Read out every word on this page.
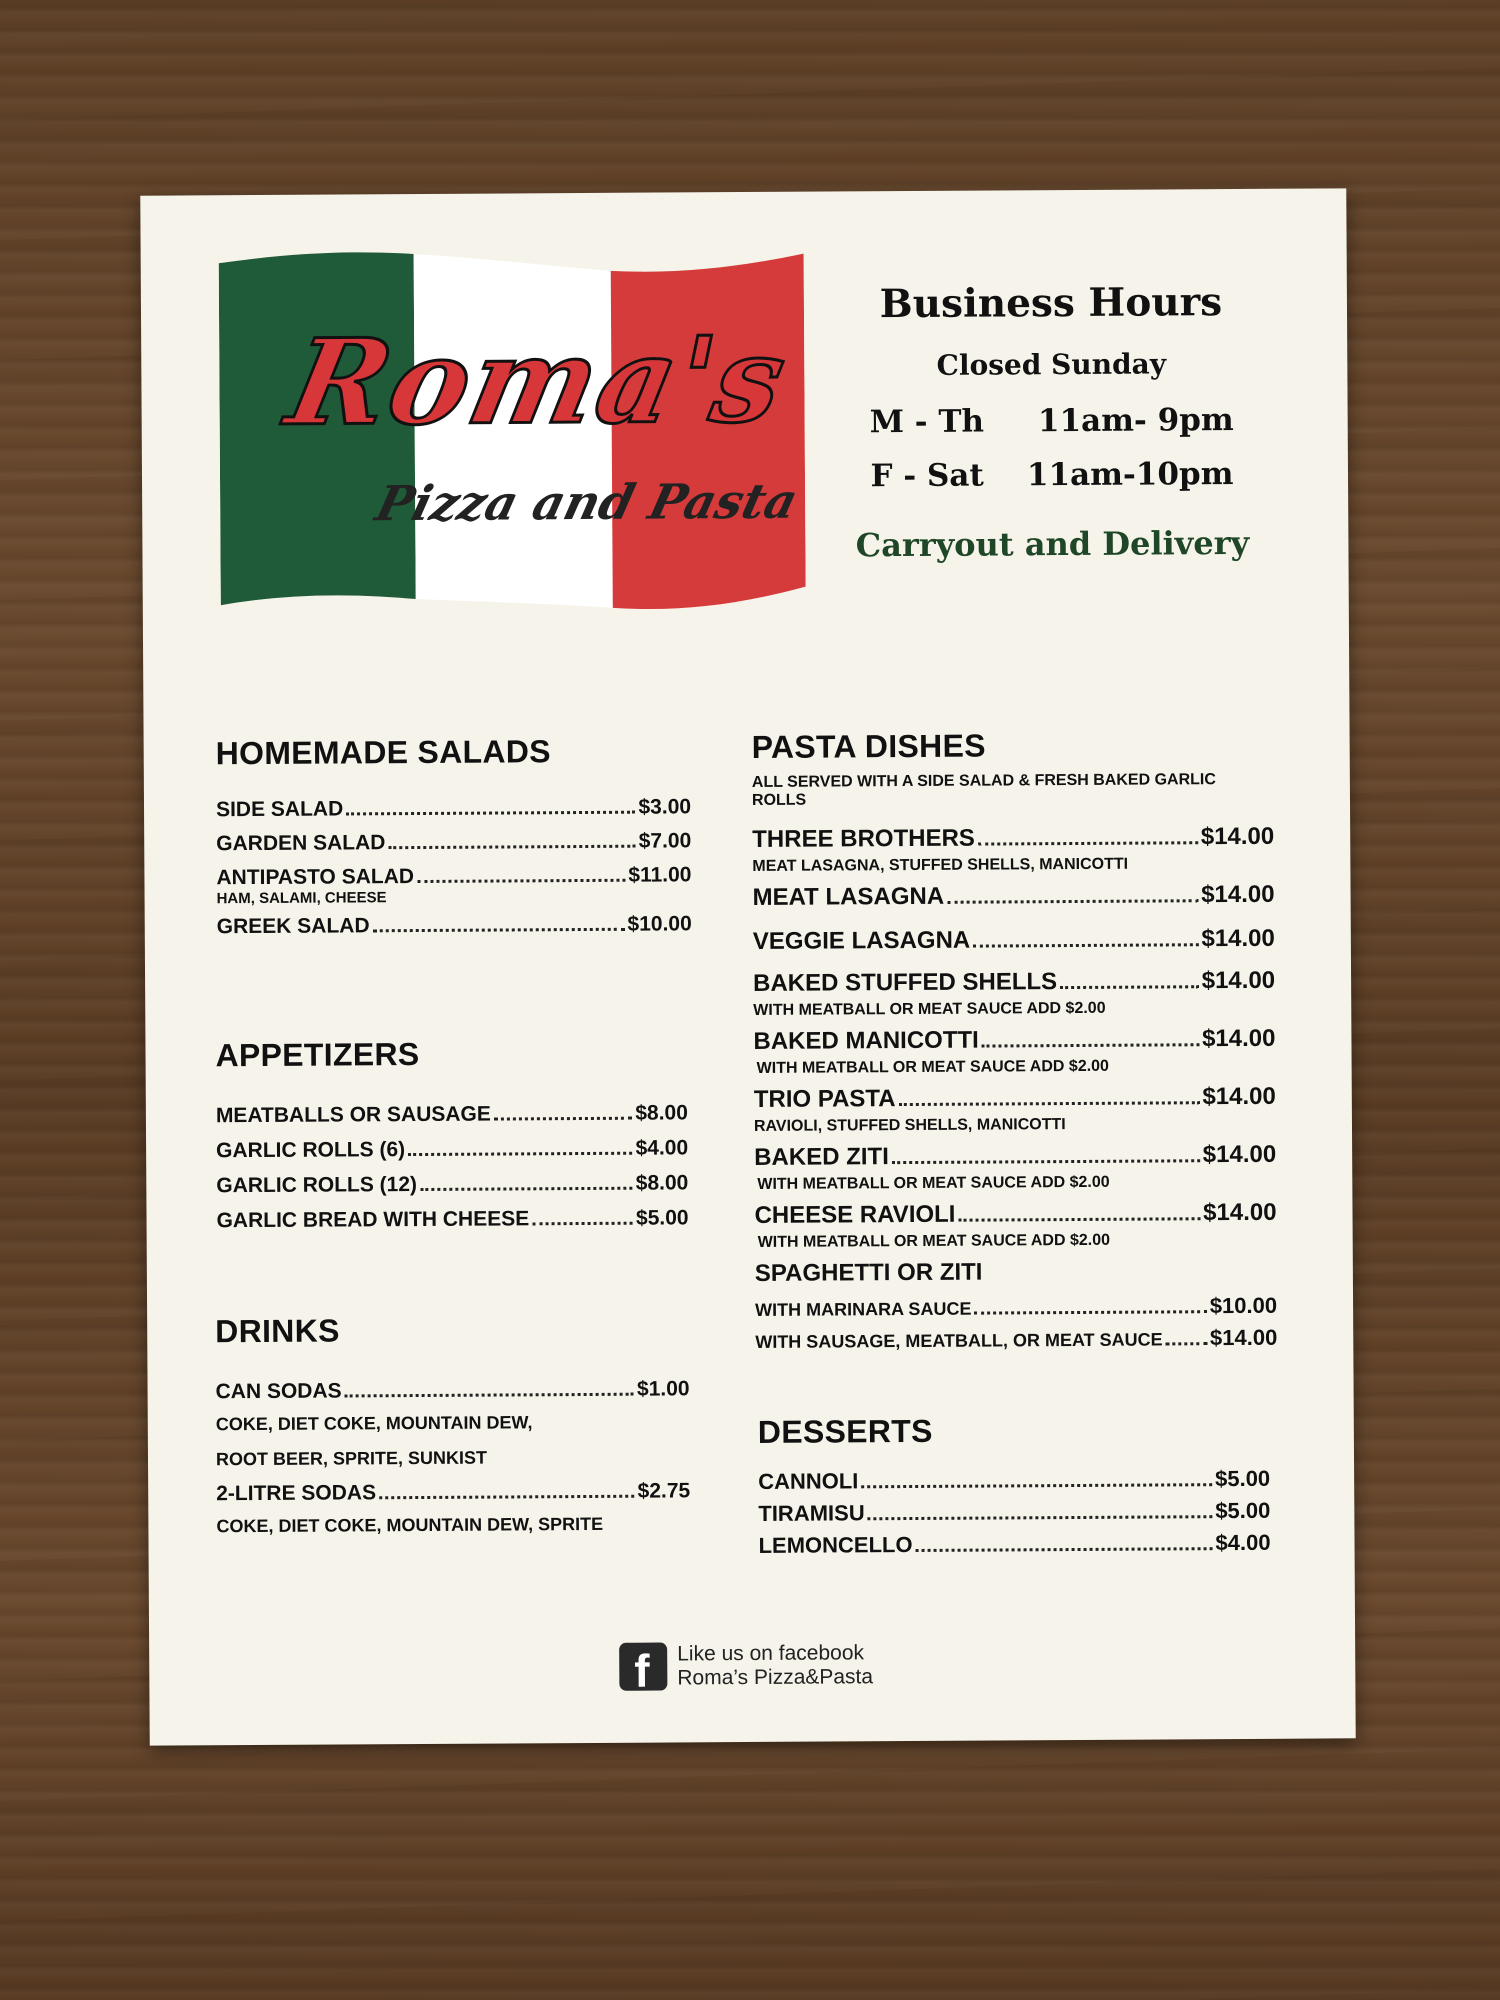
Roma's
Pizza and Pasta
Business Hours
Closed Sunday
M - Th 11am- 9pm
F - Sat 11am-10pm
Carryout and Delivery
HOMEMADE SALADS
SIDE SALAD	$3.00
GARDEN SALAD	$7.00
ANTIPASTO SALAD	$11.00
HAM, SALAMI, CHEESE
GREEK SALAD	$10.00
APPETIZERS
MEATBALLS OR SAUSAGE	$8.00
GARLIC ROLLS (6)	$4.00
GARLIC ROLLS (12)	$8.00
GARLIC BREAD WITH CHEESE	$5.00
DRINKS
CAN SODAS	$1.00
COKE, DIET COKE, MOUNTAIN DEW,
ROOT BEER, SPRITE, SUNKIST
2-LITRE SODAS	$2.75
COKE, DIET COKE, MOUNTAIN DEW, SPRITE
PASTA DISHES
ALL SERVED WITH A SIDE SALAD & FRESH BAKED GARLIC ROLLS
THREE BROTHERS	$14.00
MEAT LASAGNA, STUFFED SHELLS, MANICOTTI
MEAT LASAGNA	$14.00
VEGGIE LASAGNA	$14.00
BAKED STUFFED SHELLS	$14.00
WITH MEATBALL OR MEAT SAUCE ADD $2.00
BAKED MANICOTTI	$14.00
WITH MEATBALL OR MEAT SAUCE ADD $2.00
TRIO PASTA	$14.00
RAVIOLI, STUFFED SHELLS, MANICOTTI
BAKED ZITI	$14.00
WITH MEATBALL OR MEAT SAUCE ADD $2.00
CHEESE RAVIOLI	$14.00
WITH MEATBALL OR MEAT SAUCE ADD $2.00
SPAGHETTI OR ZITI
WITH MARINARA SAUCE	$10.00
WITH SAUSAGE, MEATBALL, OR MEAT SAUCE $14.00
DESSERTS
CANNOLI	$5.00
TIRAMISU	$5.00
LEMONCELLO	$4.00
f Like us on facebook
Roma’s Pizza&Pasta
